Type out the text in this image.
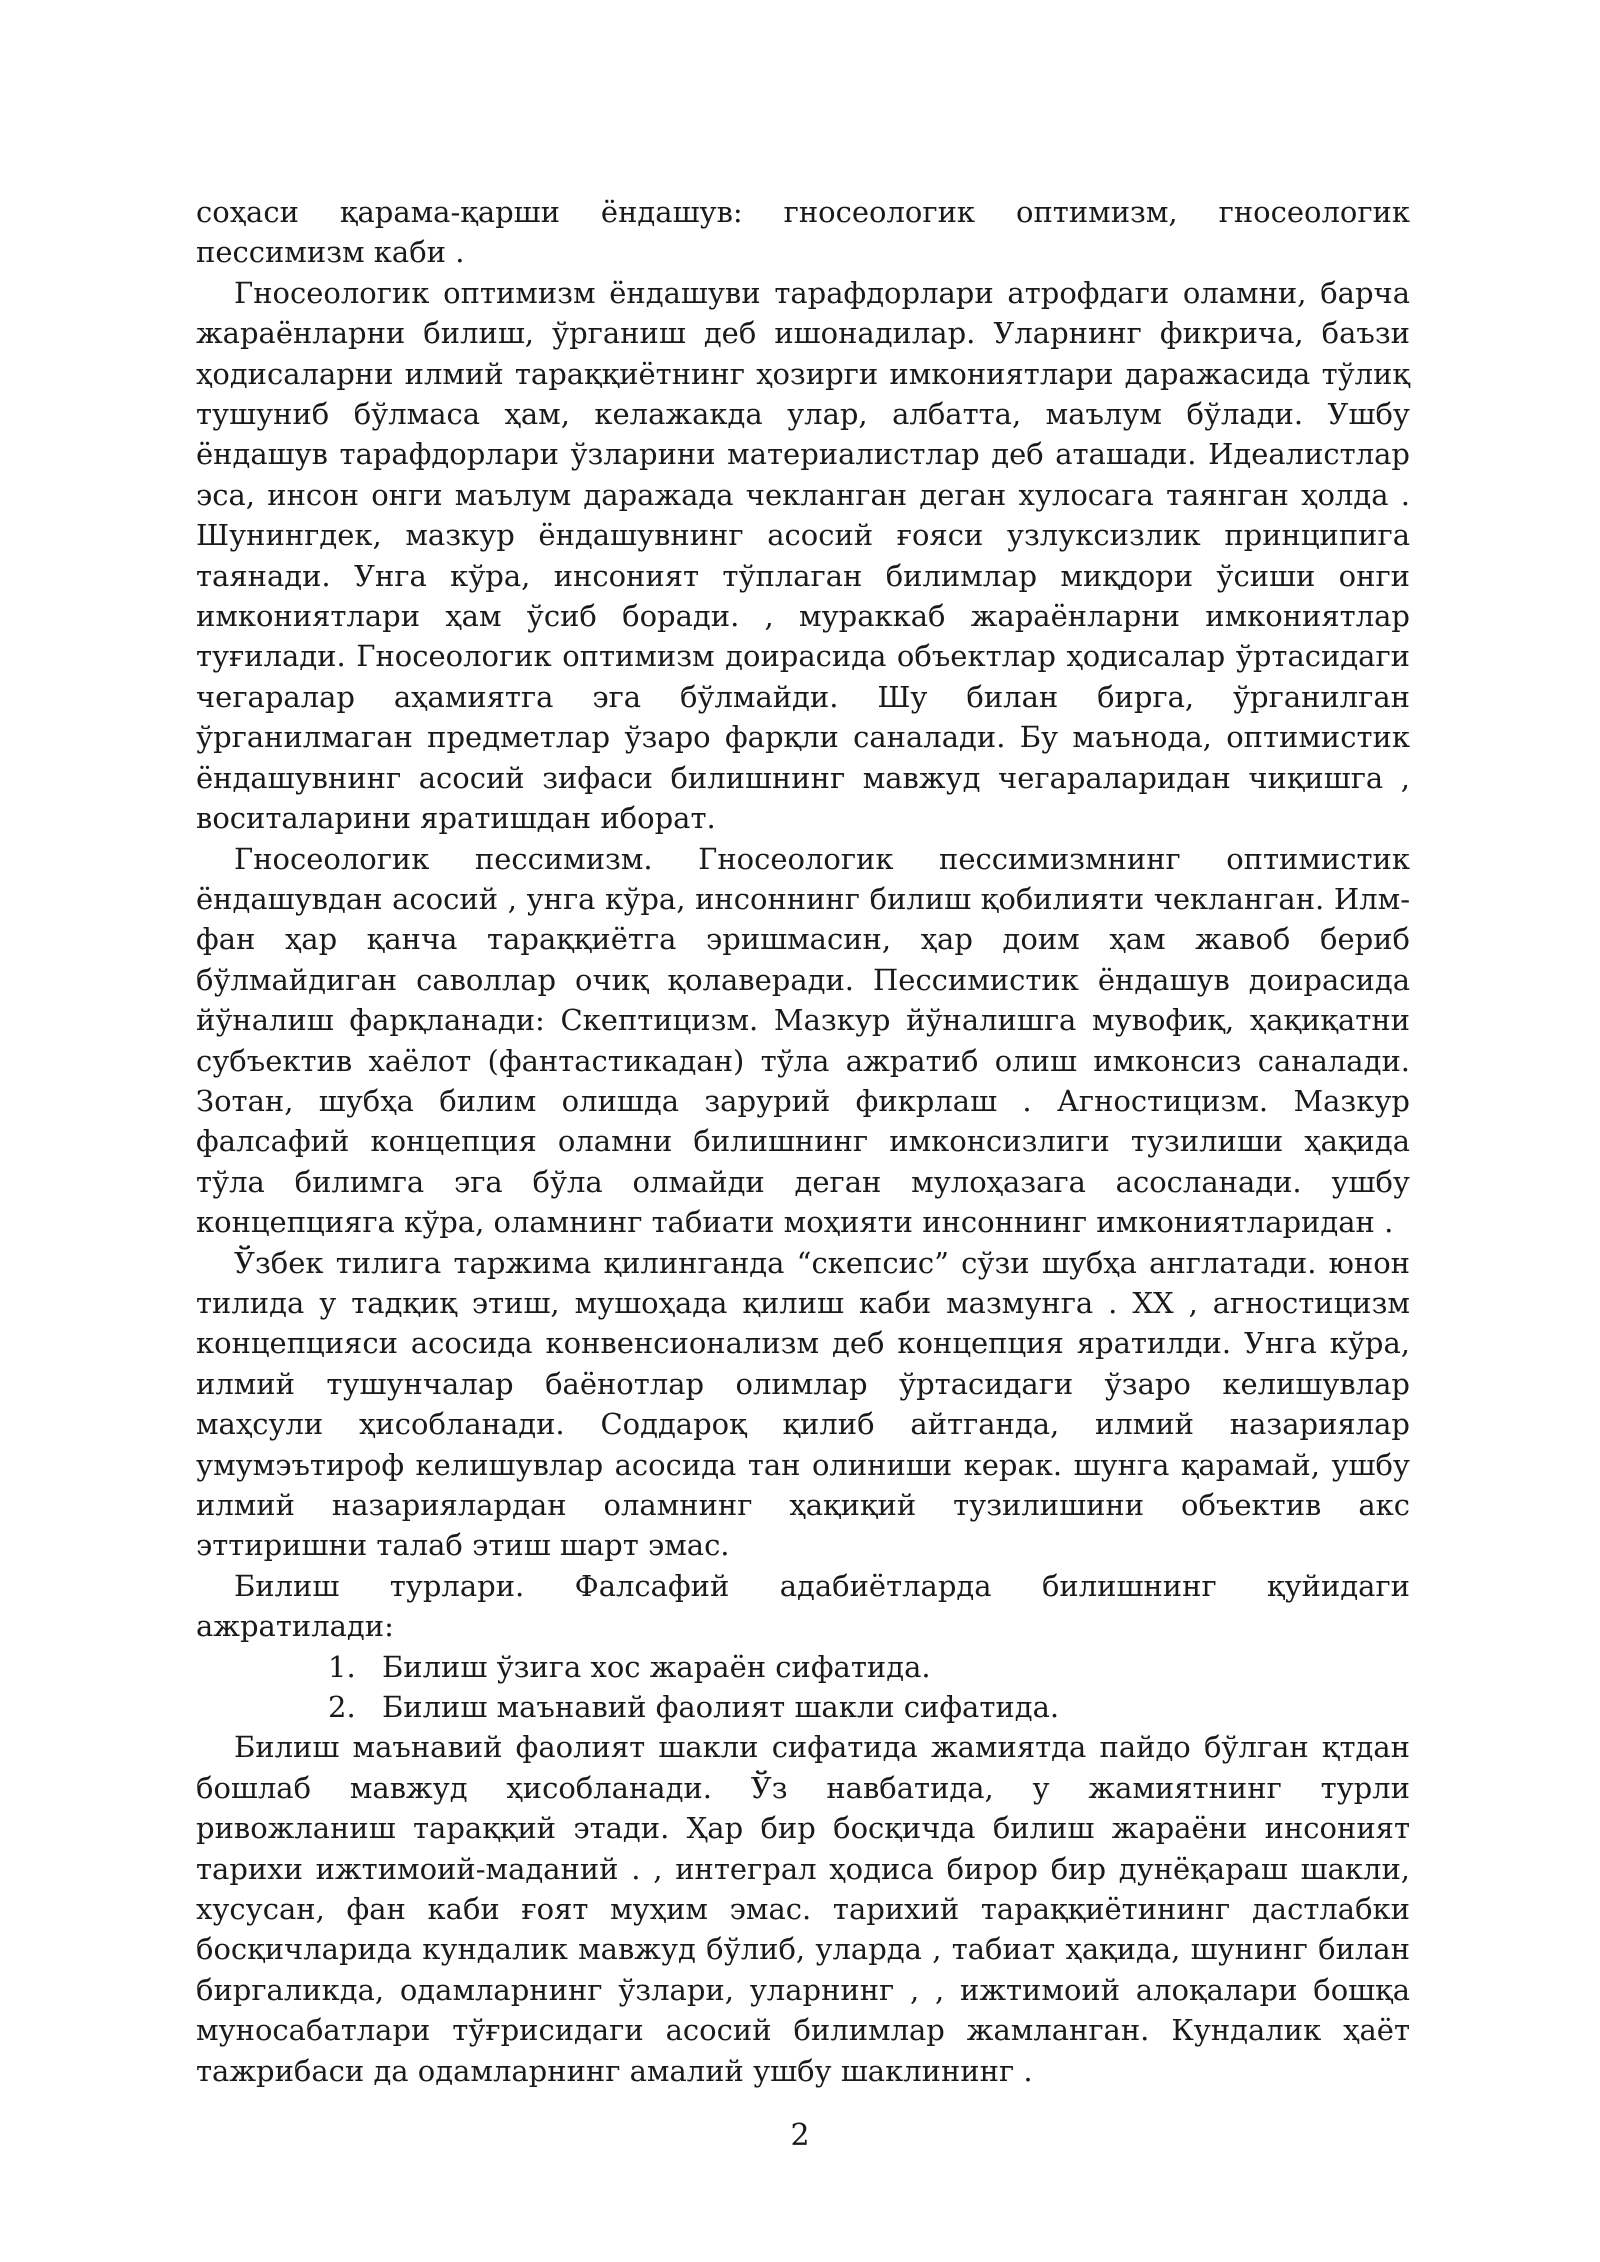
соҳаси қарама-қарши ёндашув: гносеологик оптимизм, гносеологик пессимизм каби .

Гносеологик оптимизм ёндашуви тарафдорлари атрофдаги оламни, барча жараёнларни билиш, ўрганиш деб ишонадилар. Уларнинг фикрича, баъзи ҳодисаларни илмий тараққиётнинг ҳозирги имкониятлари даражасида тўлиқ тушуниб бўлмаса ҳам, келажакда улар, албатта, маълум бўлади. Ушбу ёндашув тарафдорлари ўзларини материалистлар деб аташади. Идеалистлар эса, инсон онги маълум даражада чекланган деган хулосага таянган ҳолда . Шунингдек, мазкур ёндашувнинг асосий ғояси узлуксизлик принципига таянади. Унга кўра, инсоният тўплаган билимлар миқдори ўсиши онги имкониятлари ҳам ўсиб боради. , мураккаб жараёнларни имкониятлар туғилади. Гносеологик оптимизм доирасида объектлар ҳодисалар ўртасидаги чегаралар аҳамиятга эга бўлмайди. Шу билан бирга, ўрганилган ўрганилмаган предметлар ўзаро фарқли саналади. Бу маънода, оптимистик ёндашувнинг асосий зифаси билишнинг мавжуд чегараларидан чиқишга , воситаларини яратишдан иборат.

Гносеологик пессимизм. Гносеологик пессимизмнинг оптимистик ёндашувдан асосий , унга кўра, инсоннинг билиш қобилияти чекланган. Илм-фан ҳар қанча тараққиётга эришмасин, ҳар доим ҳам жавоб бериб бўлмайдиган саволлар очиқ қолаверади. Пессимистик ёндашув доирасида йўналиш фарқланади: Скептицизм. Мазкур йўналишга мувофиқ, ҳақиқатни субъектив хаёлот (фантастикадан) тўла ажратиб олиш имконсиз саналади. Зотан, шубҳа билим олишда зарурий фикрлаш . Агностицизм. Мазкур фалсафий концепция оламни билишнинг имконсизлиги тузилиши ҳақида тўла билимга эга бўла олмайди деган мулоҳазага асосланади. ушбу концепцияга кўра, оламнинг табиати моҳияти инсоннинг имкониятларидан .

Ўзбек тилига таржима қилинганда “скепсис” сўзи шубҳа англатади. юнон тилида у тадқиқ этиш, мушоҳада қилиш каби мазмунга . XX , агностицизм концепцияси асосида конвенсионализм деб концепция яратилди. Унга кўра, илмий тушунчалар баёнотлар олимлар ўртасидаги ўзаро келишувлар маҳсули ҳисобланади. Соддароқ қилиб айтганда, илмий назариялар умумэътироф келишувлар асосида тан олиниши керак. шунга қарамай, ушбу илмий назариялардан оламнинг ҳақиқий тузилишини объектив акс эттиришни талаб этиш шарт эмас.

Билиш турлари. Фалсафий адабиётларда билишнинг қуйидаги ажратилади:

1. Билиш ўзига хос жараён сифатида.
2. Билиш маънавий фаолият шакли сифатида.

Билиш маънавий фаолият шакли сифатида жамиятда пайдо бўлган қтдан бошлаб мавжуд ҳисобланади. Ўз навбатида, у жамиятнинг турли ривожланиш тараққий этади. Ҳар бир босқичда билиш жараёни инсоният тарихи ижтимоий-маданий . , интеграл ҳодиса бирор бир дунёқараш шакли, хусусан, фан каби ғоят муҳим эмас. тарихий тараққиётининг дастлабки босқичларида кундалик мавжуд бўлиб, уларда , табиат ҳақида, шунинг билан биргаликда, одамларнинг ўзлари, уларнинг , , ижтимоий алоқалари бошқа муносабатлари тўғрисидаги асосий билимлар жамланган. Кундалик ҳаёт тажрибаси да одамларнинг амалий ушбу шаклининг .

2
